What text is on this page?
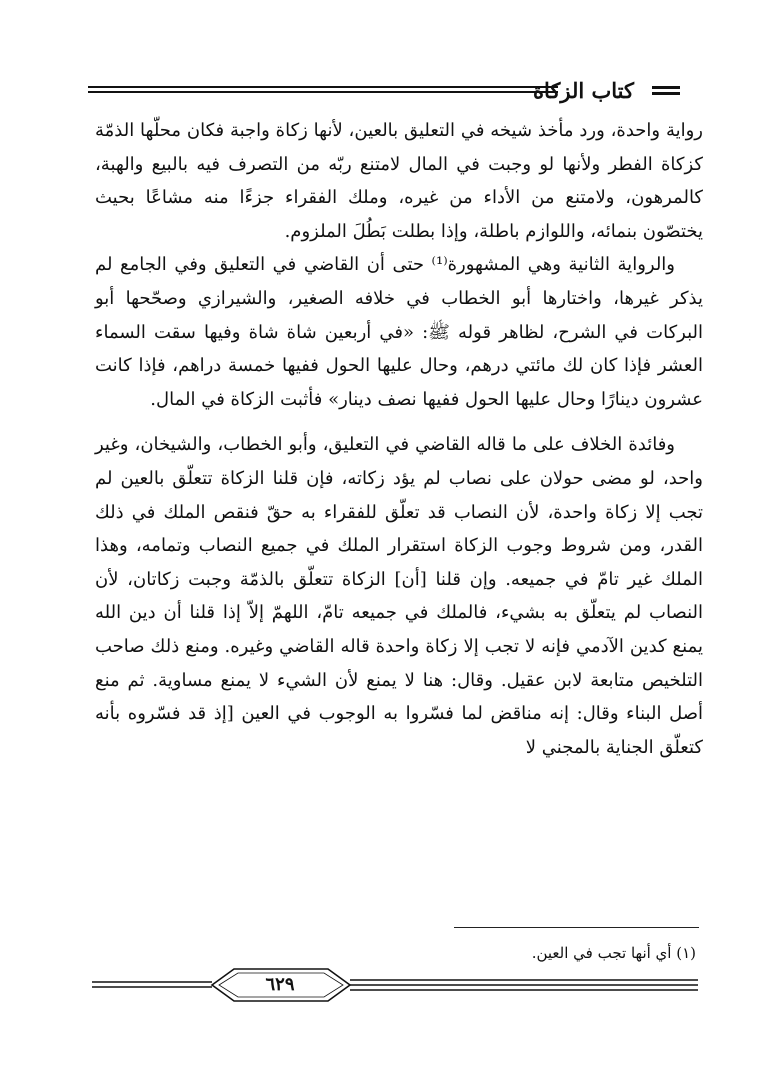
كتاب الزكاة

رواية واحدة، ورد مأخذ شيخه في التعليق بالعين، لأنها زكاة واجبة فكان محلّها الذمّة كزكاة الفطر ولأنها لو وجبت في المال لامتنع ربّه من التصرف فيه بالبيع والهبة، كالمرهون، ولامتنع من الأداء من غيره، وملك الفقراء جزءًا منه مشاعًا بحيث يختصّون بنمائه، واللوازم باطلة، وإذا بطلت بَطُلَ الملزوم.

والرواية الثانية وهي المشهورة⁽¹⁾ حتى أن القاضي في التعليق وفي الجامع لم يذكر غيرها، واختارها أبو الخطاب في خلافه الصغير، والشيرازي وصحّحها أبو البركات في الشرح، لظاهر قوله ﷺ: «في أربعين شاة شاة وفيها سقت السماء العشر فإذا كان لك مائتي درهم، وحال عليها الحول ففيها خمسة دراهم، فإذا كانت عشرون دينارًا وحال عليها الحول ففيها نصف دينار» فأثبت الزكاة في المال.

وفائدة الخلاف على ما قاله القاضي في التعليق، وأبو الخطاب، والشيخان، وغير واحد، لو مضى حولان على نصاب لم يؤد زكاته، فإن قلنا الزكاة تتعلّق بالعين لم تجب إلا زكاة واحدة، لأن النصاب قد تعلّق للفقراء به حقّ فنقص الملك في ذلك القدر، ومن شروط وجوب الزكاة استقرار الملك في جميع النصاب وتمامه، وهذا الملك غير تامّ في جميعه. وإن قلنا [أن] الزكاة تتعلّق بالذمّة وجبت زكاتان، لأن النصاب لم يتعلّق به بشيء، فالملك في جميعه تامّ، اللهمّ إلاّ إذا قلنا أن دين الله يمنع كدين الآدمي فإنه لا تجب إلا زكاة واحدة قاله القاضي وغيره. ومنع ذلك صاحب التلخيص متابعة لابن عقيل. وقال: هنا لا يمنع لأن الشيء لا يمنع مساوية. ثم منع أصل البناء وقال: إنه مناقض لما فسّروا به الوجوب في العين [إذ قد فسّروه بأنه كتعلّق الجناية بالمجني لا

(١) أي أنها تجب في العين.
٦٢٩
